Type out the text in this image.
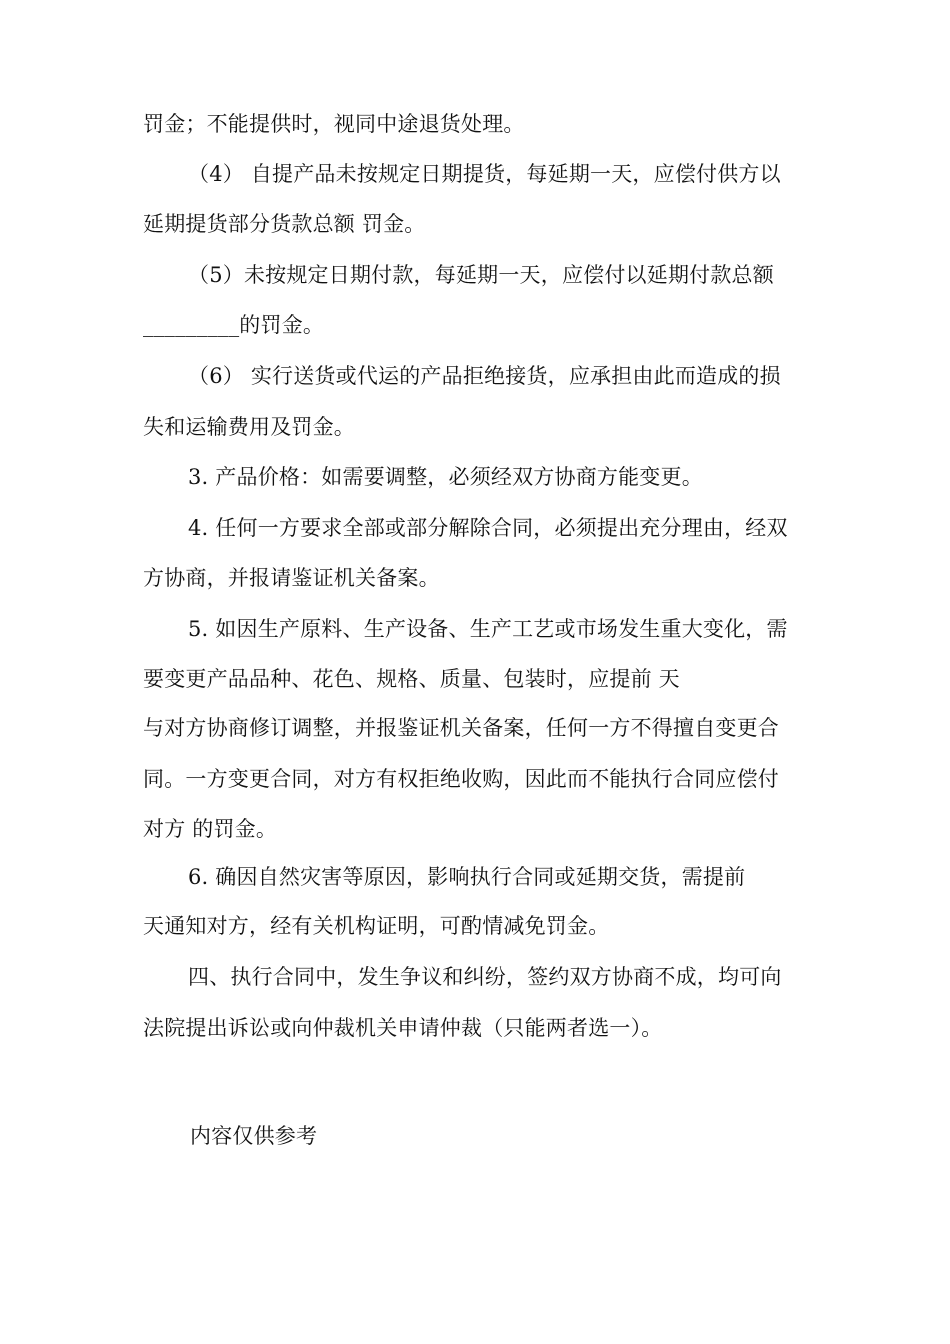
罚金；不能提供时，视同中途退货处理。
（4） 自提产品未按规定日期提货，每延期一天，应偿付供方以
延期提货部分货款总额 罚金。
（5）未按规定日期付款，每延期一天，应偿付以延期付款总额
_________的罚金。
（6） 实行送货或代运的产品拒绝接货，应承担由此而造成的损
失和运输费用及罚金。
3. 产品价格：如需要调整，必须经双方协商方能变更。
4. 任何一方要求全部或部分解除合同，必须提出充分理由，经双
方协商，并报请鉴证机关备案。
5. 如因生产原料、生产设备、生产工艺或市场发生重大变化，需
要变更产品品种、花色、规格、质量、包装时，应提前 天
与对方协商修订调整，并报鉴证机关备案，任何一方不得擅自变更合
同。一方变更合同，对方有权拒绝收购，因此而不能执行合同应偿付
对方 的罚金。
6. 确因自然灾害等原因，影响执行合同或延期交货，需提前
天通知对方，经有关机构证明，可酌情减免罚金。
四、执行合同中，发生争议和纠纷，签约双方协商不成，均可向
法院提出诉讼或向仲裁机关申请仲裁（只能两者选一）。
内容仅供参考
